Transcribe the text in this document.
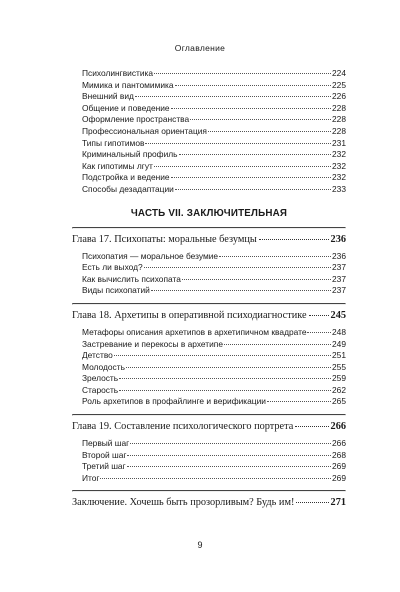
Оглавление
Психолингвистика	224
Мимика и пантомимика	225
Внешний вид	226
Общение и поведение	228
Оформление пространства	228
Профессиональная ориентация	228
Типы гипотимов	231
Криминальный профиль	232
Как гипотимы лгут	232
Подстройка и ведение	232
Способы дезадаптации	233
ЧАСТЬ VII. ЗАКЛЮЧИТЕЛЬНАЯ
Глава 17. Психопаты: моральные безумцы	236
Психопатия — моральное безумие	236
Есть ли выход?	237
Как вычислить психопата	237
Виды психопатий	237
Глава 18. Архетипы в оперативной психодиагностике 245
Метафоры описания архетипов в архетипичном квадрате	248
Застревание и перекосы в архетипе	249
Детство	251
Молодость	255
Зрелость	259
Старость	262
Роль архетипов в профайлинге и верификации	265
Глава 19. Составление психологического портрета	266
Первый шаг	266
Второй шаг	268
Третий шаг	269
Итог	269
Заключение. Хочешь быть прозорливым? Будь им!	271
9
